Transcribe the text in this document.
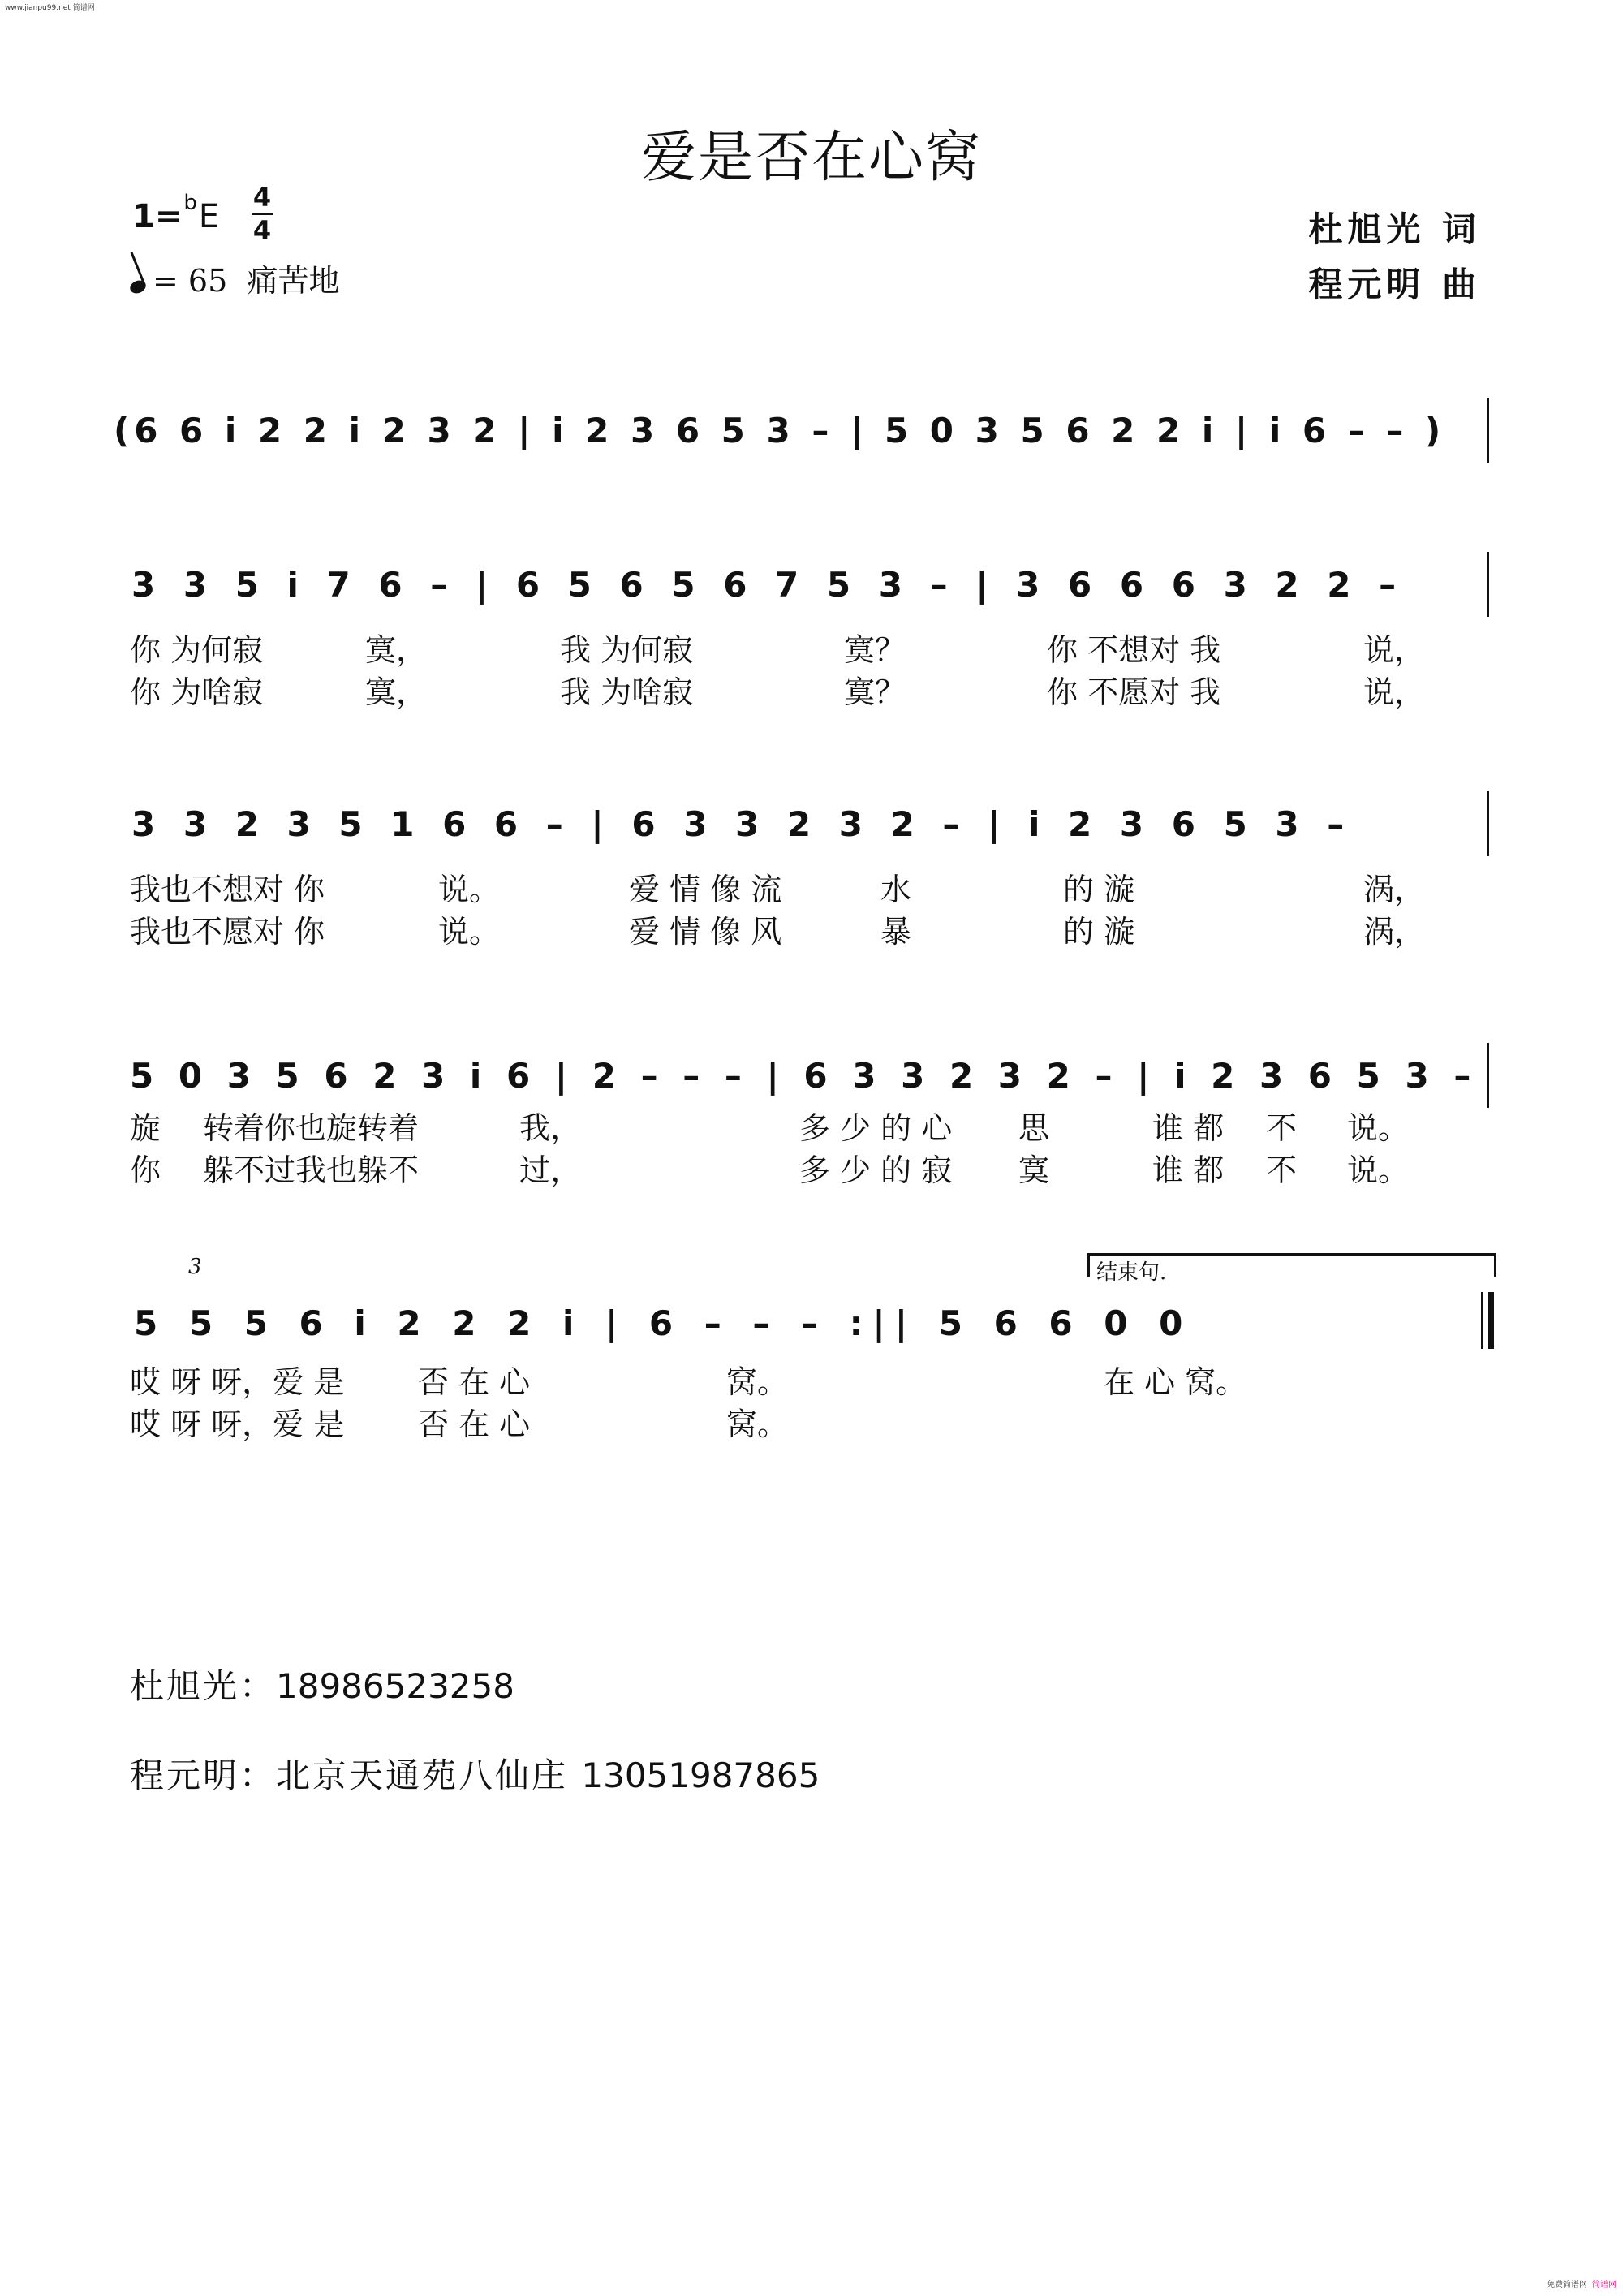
www.jianpu99.net 简谱网
免费简谱网 简谱网
爱是否在心窝
1=$^b$E
4
4
= 65 痛苦地
杜旭光 词
程元明 曲
(6 6 i 2 2 i 2 3 2 | i 2 3 6 5 3 – | 5 0 3 5 6 2 2 i | i 6 – – )
3 3 5 i 7 6 – | 6 5 6 5 6 7 5 3 – | 3 6 6 6 3 2 2 –
你 为何寂	寞，	我 为何寂	寞？	你 不想对 我	说，
你 为啥寂	寞，	我 为啥寂	寞？	你 不愿对 我	说，
3 3 2 3 5 1 6 6 – | 6 3 3 2 3 2 – | i 2 3 6 5 3 –
我也不想对 你	说。	爱 情 像 流	水	的 漩	涡，
我也不愿对 你	说。	爱 情 像 风	暴	的 漩	涡，
5 0 3 5 6 2 3 i 6 | 2 – – – | 6 3 3 2 3 2 – | i 2 3 6 5 3 –
旋 转着你也旋转着	我，	多 少 的 心 思	谁 都 不 说。
你 躲不过我也躲不	过，	多 少 的 寂 寞	谁 都 不 说。
3	结束句.
5 5 5 6 i 2 2 2 i | 6 – – – :|| 5 6 6 0 0
哎 呀 呀，爱 是 否 在 心	窝。	在 心 窝。
哎 呀 呀，爱 是 否 在 心	窝。
杜旭光：18986523258
程元明：北京天通苑八仙庄 13051987865
